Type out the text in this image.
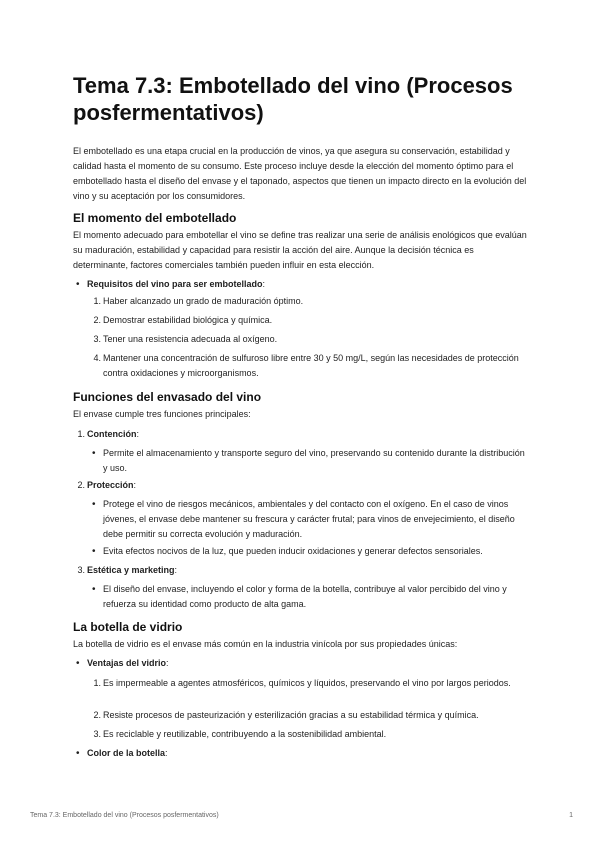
Tema 7.3: Embotellado del vino (Procesos posfermentativos)

El embotellado es una etapa crucial en la producción de vinos, ya que asegura su conservación, estabilidad y calidad hasta el momento de su consumo. Este proceso incluye desde la elección del momento óptimo para el embotellado hasta el diseño del envase y el taponado, aspectos que tienen un impacto directo en la evolución del vino y su aceptación por los consumidores.

El momento del embotellado

El momento adecuado para embotellar el vino se define tras realizar una serie de análisis enológicos que evalúan su maduración, estabilidad y capacidad para resistir la acción del aire. Aunque la decisión técnica es determinante, factores comerciales también pueden influir en esta elección.

• Requisitos del vino para ser embotellado:
1. Haber alcanzado un grado de maduración óptimo.
2. Demostrar estabilidad biológica y química.
3. Tener una resistencia adecuada al oxígeno.
4. Mantener una concentración de sulfuroso libre entre 30 y 50 mg/L, según las necesidades de protección contra oxidaciones y microorganismos.
Funciones del envasado del vino

El envase cumple tres funciones principales:

1. Contención:
• Permite el almacenamiento y transporte seguro del vino, preservando su contenido durante la distribución y uso.
2. Protección:
• Protege el vino de riesgos mecánicos, ambientales y del contacto con el oxígeno. En el caso de vinos jóvenes, el envase debe mantener su frescura y carácter frutal; para vinos de envejecimiento, el diseño debe permitir su correcta evolución y maduración.
• Evita efectos nocivos de la luz, que pueden inducir oxidaciones y generar defectos sensoriales.
3. Estética y marketing:
• El diseño del envase, incluyendo el color y forma de la botella, contribuye al valor percibido del vino y refuerza su identidad como producto de alta gama.
La botella de vidrio

La botella de vidrio es el envase más común en la industria vinícola por sus propiedades únicas:

• Ventajas del vidrio:
1. Es impermeable a agentes atmosféricos, químicos y líquidos, preservando el vino por largos periodos.
2. Resiste procesos de pasteurización y esterilización gracias a su estabilidad térmica y química.
3. Es reciclable y reutilizable, contribuyendo a la sostenibilidad ambiental.
• Color de la botella:
Tema 7.3: Embotellado del vino (Procesos posfermentativos)	1
